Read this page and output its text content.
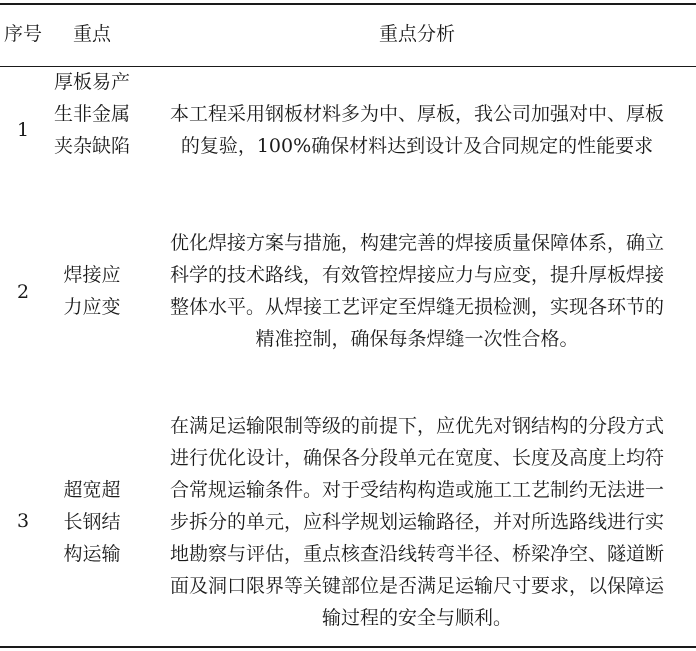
序号	重点	重点分析
1
厚板易产生非金属夹杂缺陷
本工程采用钢板材料多为中、厚板，我公司加强对中、厚板
的复验，100%确保材料达到设计及合同规定的性能要求
2
焊接应力应变
优化焊接方案与措施，构建完善的焊接质量保障体系，确立
科学的技术路线，有效管控焊接应力与应变，提升厚板焊接
整体水平。从焊接工艺评定至焊缝无损检测，实现各环节的
精准控制，确保每条焊缝一次性合格。
3
超宽超长钢结构运输
在满足运输限制等级的前提下，应优先对钢结构的分段方式
进行优化设计，确保各分段单元在宽度、长度及高度上均符
合常规运输条件。对于受结构构造或施工工艺制约无法进一
步拆分的单元，应科学规划运输路径，并对所选路线进行实
地勘察与评估，重点核查沿线转弯半径、桥梁净空、隧道断
面及洞口限界等关键部位是否满足运输尺寸要求，以保障运
输过程的安全与顺利。
